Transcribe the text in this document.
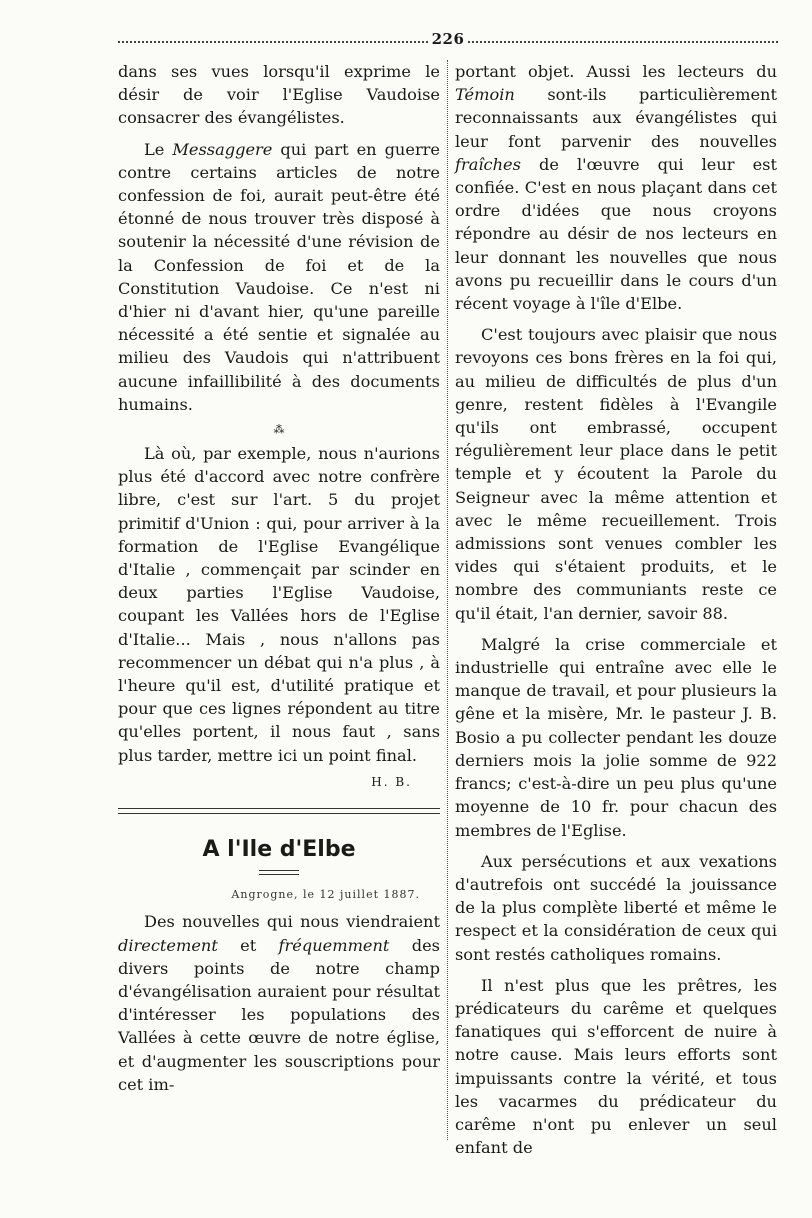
226

dans ses vues lorsqu'il exprime le désir de voir l'Eglise Vaudoise consacrer des évangélistes.

Le Messaggere qui part en guerre contre certains articles de notre confession de foi, aurait peut-être été étonné de nous trouver très disposé à soutenir la nécessité d'une révision de la Confession de foi et de la Constitution Vaudoise. Ce n'est ni d'hier ni d'avant hier, qu'une pareille nécessité a été sentie et signalée au milieu des Vaudois qui n'attribuent aucune infaillibilité à des documents humains.

⁂

Là où, par exemple, nous n'aurions plus été d'accord avec notre confrère libre, c'est sur l'art. 5 du projet primitif d'Union : qui, pour arriver à la formation de l'Eglise Evangélique d'Italie , commençait par scinder en deux parties l'Eglise Vaudoise, coupant les Vallées hors de l'Eglise d'Italie... Mais , nous n'allons pas recommencer un débat qui n'a plus , à l'heure qu'il est, d'utilité pratique et pour que ces lignes répondent au titre qu'elles portent, il nous faut , sans plus tarder, mettre ici un point final.

H. B.
A l'Ile d'Elbe
Angrogne, le 12 juillet 1887.

Des nouvelles qui nous viendraient directement et fréquemment des divers points de notre champ d'évangélisation auraient pour résultat d'intéresser les populations des Vallées à cette œuvre de notre église, et d'augmenter les souscriptions pour cet im-

portant objet. Aussi les lecteurs du Témoin sont-ils particulièrement reconnaissants aux évangélistes qui leur font parvenir des nouvelles fraîches de l'œuvre qui leur est confiée. C'est en nous plaçant dans cet ordre d'idées que nous croyons répondre au désir de nos lecteurs en leur donnant les nouvelles que nous avons pu recueillir dans le cours d'un récent voyage à l'île d'Elbe.

C'est toujours avec plaisir que nous revoyons ces bons frères en la foi qui, au milieu de difficultés de plus d'un genre, restent fidèles à l'Evangile qu'ils ont embrassé, occupent régulièrement leur place dans le petit temple et y écoutent la Parole du Seigneur avec la même attention et avec le même recueillement. Trois admissions sont venues combler les vides qui s'étaient produits, et le nombre des communiants reste ce qu'il était, l'an dernier, savoir 88.

Malgré la crise commerciale et industrielle qui entraîne avec elle le manque de travail, et pour plusieurs la gêne et la misère, Mr. le pasteur J. B. Bosio a pu collecter pendant les douze derniers mois la jolie somme de 922 francs; c'est-à-dire un peu plus qu'une moyenne de 10 fr. pour chacun des membres de l'Eglise.

Aux persécutions et aux vexations d'autrefois ont succédé la jouissance de la plus complète liberté et même le respect et la considération de ceux qui sont restés catholiques romains.

Il n'est plus que les prêtres, les prédicateurs du carême et quelques fanatiques qui s'efforcent de nuire à notre cause. Mais leurs efforts sont impuissants contre la vérité, et tous les vacarmes du prédicateur du carême n'ont pu enlever un seul enfant de
